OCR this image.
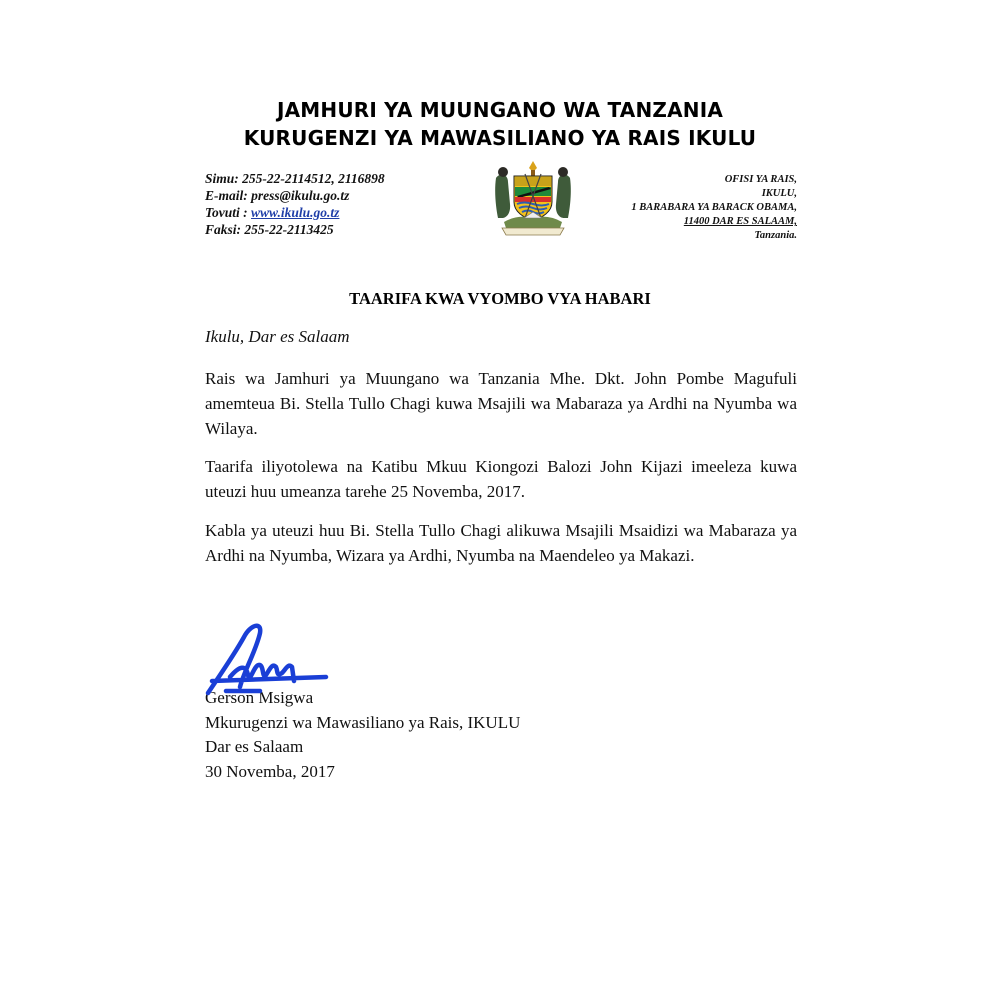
JAMHURI YA MUUNGANO WA TANZANIA
KURUGENZI YA MAWASILIANO YA RAIS IKULU
Simu: 255-22-2114512, 2116898
E-mail: press@ikulu.go.tz
Tovuti : www.ikulu.go.tz
Faksi: 255-22-2113425
OFISI YA RAIS,
IKULU,
1 BARABARA YA BARACK OBAMA,
11400 DAR ES SALAAM,
Tanzania.
TAARIFA KWA VYOMBO VYA HABARI
Ikulu, Dar es Salaam

Rais wa Jamhuri ya Muungano wa Tanzania Mhe. Dkt. John Pombe Magufuli amemteua Bi. Stella Tullo Chagi kuwa Msajili wa Mabaraza ya Ardhi na Nyumba wa Wilaya.

Taarifa iliyotolewa na Katibu Mkuu Kiongozi Balozi John Kijazi imeeleza kuwa uteuzi huu umeanza tarehe 25 Novemba, 2017.

Kabla ya uteuzi huu Bi. Stella Tullo Chagi alikuwa Msajili Msaidizi wa Mabaraza ya Ardhi na Nyumba, Wizara ya Ardhi, Nyumba na Maendeleo ya Makazi.

Gerson Msigwa
Mkurugenzi wa Mawasiliano ya Rais, IKULU
Dar es Salaam
30 Novemba, 2017
